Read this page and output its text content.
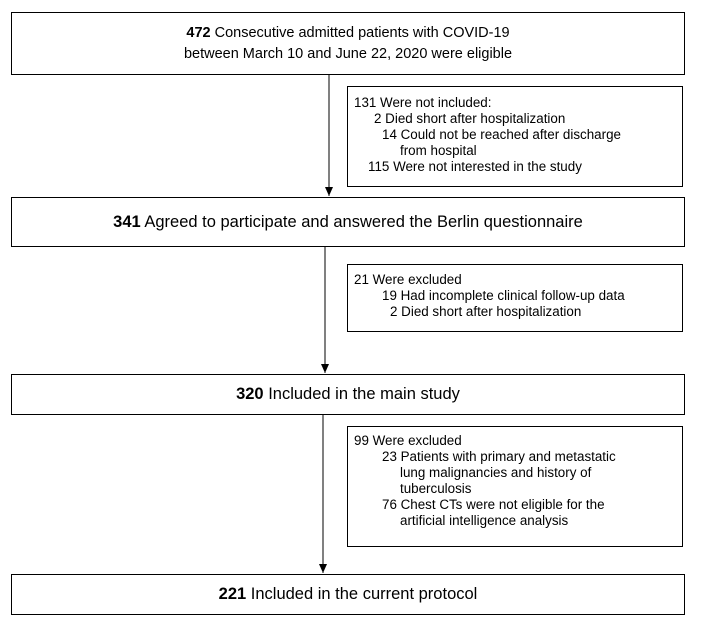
472 Consecutive admitted patients with COVID-19
between March 10 and June 22, 2020 were eligible
131 Were not included:
2 Died short after hospitalization
14 Could not be reached after discharge
from hospital
115 Were not interested in the study
341 Agreed to participate and answered the Berlin questionnaire
21 Were excluded
19 Had incomplete clinical follow-up data
2 Died short after hospitalization
320 Included in the main study
99 Were excluded
23 Patients with primary and metastatic
lung malignancies and history of
tuberculosis
76 Chest CTs were not eligible for the
artificial intelligence analysis
221 Included in the current protocol
